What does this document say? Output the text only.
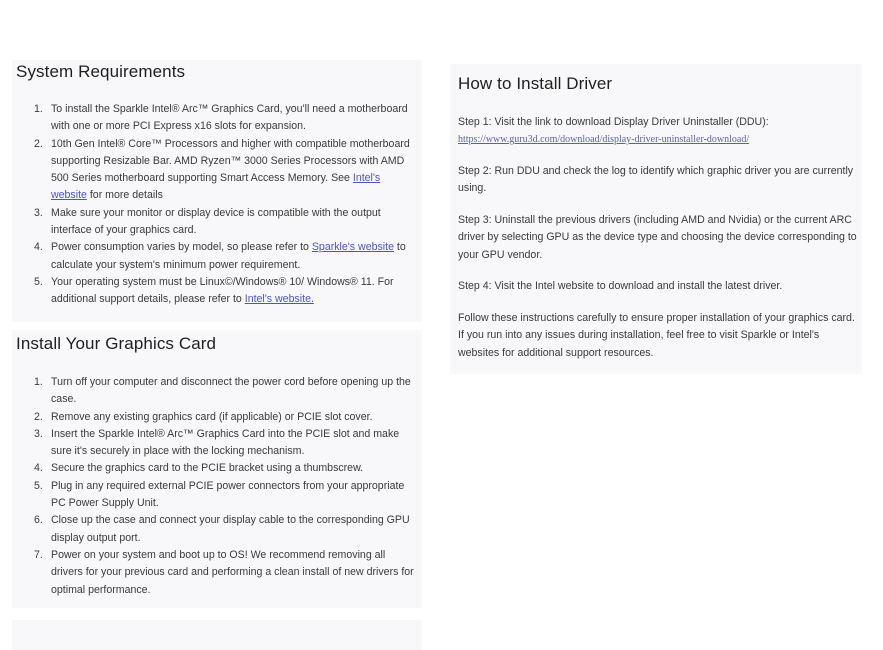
System Requirements
1. To install the Sparkle Intel® Arc™ Graphics Card, you'll need a motherboard with one or more PCI Express x16 slots for expansion.
2. 10th Gen Intel® Core™ Processors and higher with compatible motherboard supporting Resizable Bar. AMD Ryzen™ 3000 Series Processors with AMD 500 Series motherboard supporting Smart Access Memory. See Intel's website for more details
3. Make sure your monitor or display device is compatible with the output interface of your graphics card.
4. Power consumption varies by model, so please refer to Sparkle's website to calculate your system's minimum power requirement.
5. Your operating system must be Linux©/Windows® 10/ Windows® 11. For additional support details, please refer to Intel's website.
Install Your Graphics Card
1. Turn off your computer and disconnect the power cord before opening up the case.
2. Remove any existing graphics card (if applicable) or PCIE slot cover.
3. Insert the Sparkle Intel® Arc™ Graphics Card into the PCIE slot and make sure it's securely in place with the locking mechanism.
4. Secure the graphics card to the PCIE bracket using a thumbscrew.
5. Plug in any required external PCIE power connectors from your appropriate PC Power Supply Unit.
6. Close up the case and connect your display cable to the corresponding GPU display output port.
7. Power on your system and boot up to OS! We recommend removing all drivers for your previous card and performing a clean install of new drivers for optimal performance.
How to Install Driver

Step 1: Visit the link to download Display Driver Uninstaller (DDU):
https://www.guru3d.com/download/display-driver-uninstaller-download/

Step 2: Run DDU and check the log to identify which graphic driver you are currently using.

Step 3: Uninstall the previous drivers (including AMD and Nvidia) or the current ARC driver by selecting GPU as the device type and choosing the device corresponding to your GPU vendor.

Step 4: Visit the Intel website to download and install the latest driver.

Follow these instructions carefully to ensure proper installation of your graphics card. If you run into any issues during installation, feel free to visit Sparkle or Intel's websites for additional support resources.
